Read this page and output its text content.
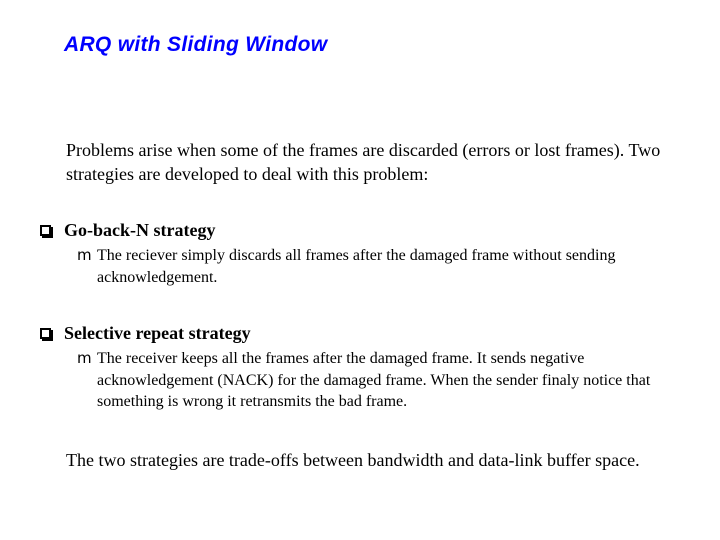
ARQ with Sliding Window
Problems arise when some of the frames are discarded (errors or lost frames). Two strategies are developed to deal with this problem:
Go-back-N strategy
m The reciever simply discards all frames after the damaged frame without sending acknowledgement.
Selective repeat strategy
m The receiver keeps all the frames after the damaged frame. It sends negative acknowledgement (NACK) for the damaged frame. When the sender finaly notice that something is wrong it retransmits the bad frame.
The two strategies are trade-offs between bandwidth and data-link buffer space.
